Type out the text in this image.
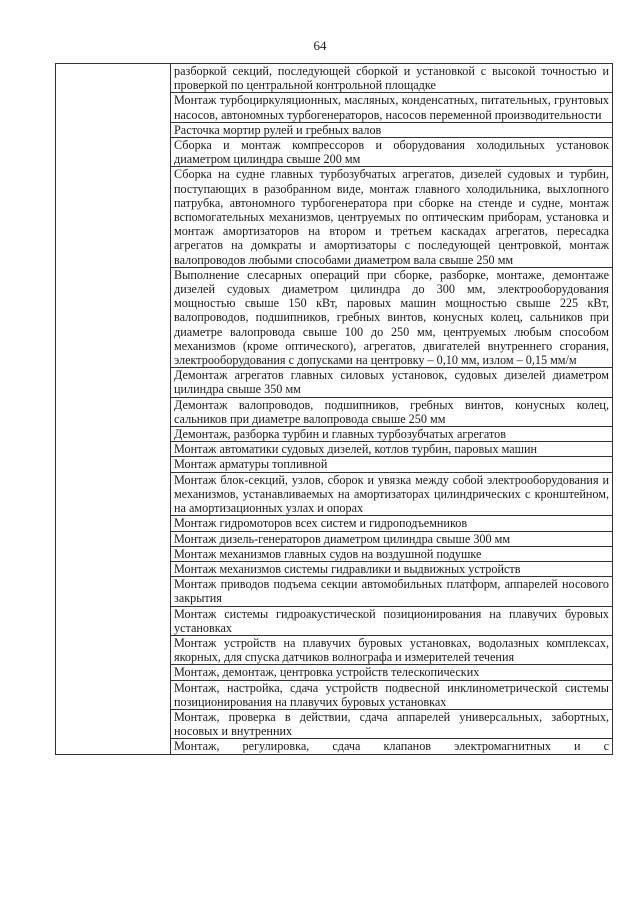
64

разборкой секций, последующей сборкой и установкой с высокой точностью и проверкой по центральной контрольной площадке

Монтаж турбоциркуляционных, масляных, конденсатных, питательных, грунтовых насосов, автономных турбогенераторов, насосов переменной производительности

Расточка мортир рулей и гребных валов

Сборка и монтаж компрессоров и оборудования холодильных установок диаметром цилиндра свыше 200 мм

Сборка на судне главных турбозубчатых агрегатов, дизелей судовых и турбин, поступающих в разобранном виде, монтаж главного холодильника, выхлопного патрубка, автономного турбогенератора при сборке на стенде и судне, монтаж вспомогательных механизмов, центруемых по оптическим приборам, установка и монтаж амортизаторов на втором и третьем каскадах агрегатов, пересадка агрегатов на домкраты и амортизаторы с последующей центровкой, монтаж валопроводов любыми способами диаметром вала свыше 250 мм

Выполнение слесарных операций при сборке, разборке, монтаже, демонтаже дизелей судовых диаметром цилиндра до 300 мм, электрооборудования мощностью свыше 150 кВт, паровых машин мощностью свыше 225 кВт, валопроводов, подшипников, гребных винтов, конусных колец, сальников при диаметре валопровода свыше 100 до 250 мм, центруемых любым способом механизмов (кроме оптического), агрегатов, двигателей внутреннего сгорания, электрооборудования с допусками на центровку – 0,10 мм, излом – 0,15 мм/м

Демонтаж агрегатов главных силовых установок, судовых дизелей диаметром цилиндра свыше 350 мм

Демонтаж валопроводов, подшипников, гребных винтов, конусных колец, сальников при диаметре валопровода свыше 250 мм

Демонтаж, разборка турбин и главных турбозубчатых агрегатов

Монтаж автоматики судовых дизелей, котлов турбин, паровых машин

Монтаж арматуры топливной

Монтаж блок-секций, узлов, сборок и увязка между собой электрооборудования и механизмов, устанавливаемых на амортизаторах цилиндрических с кронштейном, на амортизационных узлах и опорах

Монтаж гидромоторов всех систем и гидроподъемников

Монтаж дизель-генераторов диаметром цилиндра свыше 300 мм

Монтаж механизмов главных судов на воздушной подушке

Монтаж механизмов системы гидравлики и выдвижных устройств

Монтаж приводов подъема секции автомобильных платформ, аппарелей носового закрытия

Монтаж системы гидроакустической позиционирования на плавучих буровых установках

Монтаж устройств на плавучих буровых установках, водолазных комплексах, якорных, для спуска датчиков волнографа и измерителей течения

Монтаж, демонтаж, центровка устройств телескопических

Монтаж, настройка, сдача устройств подвесной инклинометрической системы позиционирования на плавучих буровых установках

Монтаж, проверка в действии, сдача аппарелей универсальных, забортных, носовых и внутренних

Монтаж, регулировка, сдача клапанов электромагнитных и с
